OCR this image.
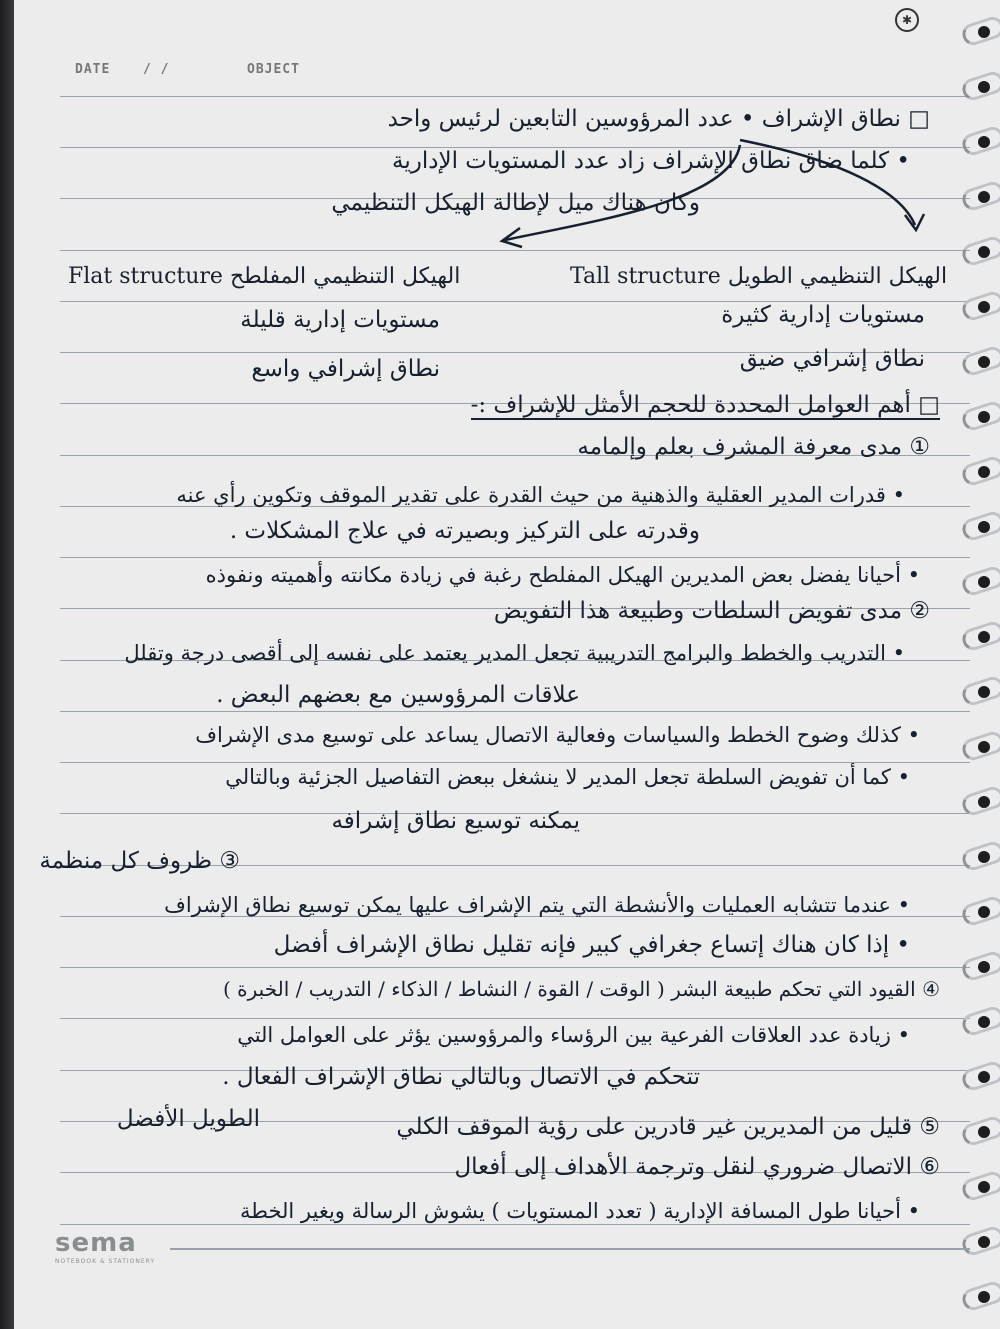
✱
DATE	/ /	OBJECT
□ نطاق الإشراف • عدد المرؤوسين التابعين لرئيس واحد
• كلما ضاق نطاق الإشراف زاد عدد المستويات الإدارية
وكان هناك ميل لإطالة الهيكل التنظيمي
Flat structure الهيكل التنظيمي المفلطح	Tall structure الهيكل التنظيمي الطويل
مستويات إدارية قليلة	مستويات إدارية كثيرة
نطاق إشرافي واسع	نطاق إشرافي ضيق
□ أهم العوامل المحددة للحجم الأمثل للإشراف :-
① مدى معرفة المشرف بعلم وإلمامه
• قدرات المدير العقلية والذهنية من حيث القدرة على تقدير الموقف وتكوين رأي عنه
وقدرته على التركيز وبصيرته في علاج المشكلات .
• أحيانا يفضل بعض المديرين الهيكل المفلطح رغبة في زيادة مكانته وأهميته ونفوذه
② مدى تفويض السلطات وطبيعة هذا التفويض
• التدريب والخطط والبرامج التدريبية تجعل المدير يعتمد على نفسه إلى أقصى درجة وتقلل
علاقات المرؤوسين مع بعضهم البعض .
• كذلك وضوح الخطط والسياسات وفعالية الاتصال يساعد على توسيع مدى الإشراف
• كما أن تفويض السلطة تجعل المدير لا ينشغل ببعض التفاصيل الجزئية وبالتالي
يمكنه توسيع نطاق إشرافه
③ ظروف كل منظمة
• عندما تتشابه العمليات والأنشطة التي يتم الإشراف عليها يمكن توسيع نطاق الإشراف
• إذا كان هناك إتساع جغرافي كبير فإنه تقليل نطاق الإشراف أفضل
④ القيود التي تحكم طبيعة البشر ( الوقت / القوة / النشاط / الذكاء / التدريب / الخبرة )
• زيادة عدد العلاقات الفرعية بين الرؤساء والمرؤوسين يؤثر على العوامل التي
تتحكم في الاتصال وبالتالي نطاق الإشراف الفعال .
الطويل الأفضل	⑤ قليل من المديرين غير قادرين على رؤية الموقف الكلي
⑥ الاتصال ضروري لنقل وترجمة الأهداف إلى أفعال
• أحيانا طول المسافة الإدارية ( تعدد المستويات ) يشوش الرسالة ويغير الخطة
sema
NOTEBOOK & STATIONERY
